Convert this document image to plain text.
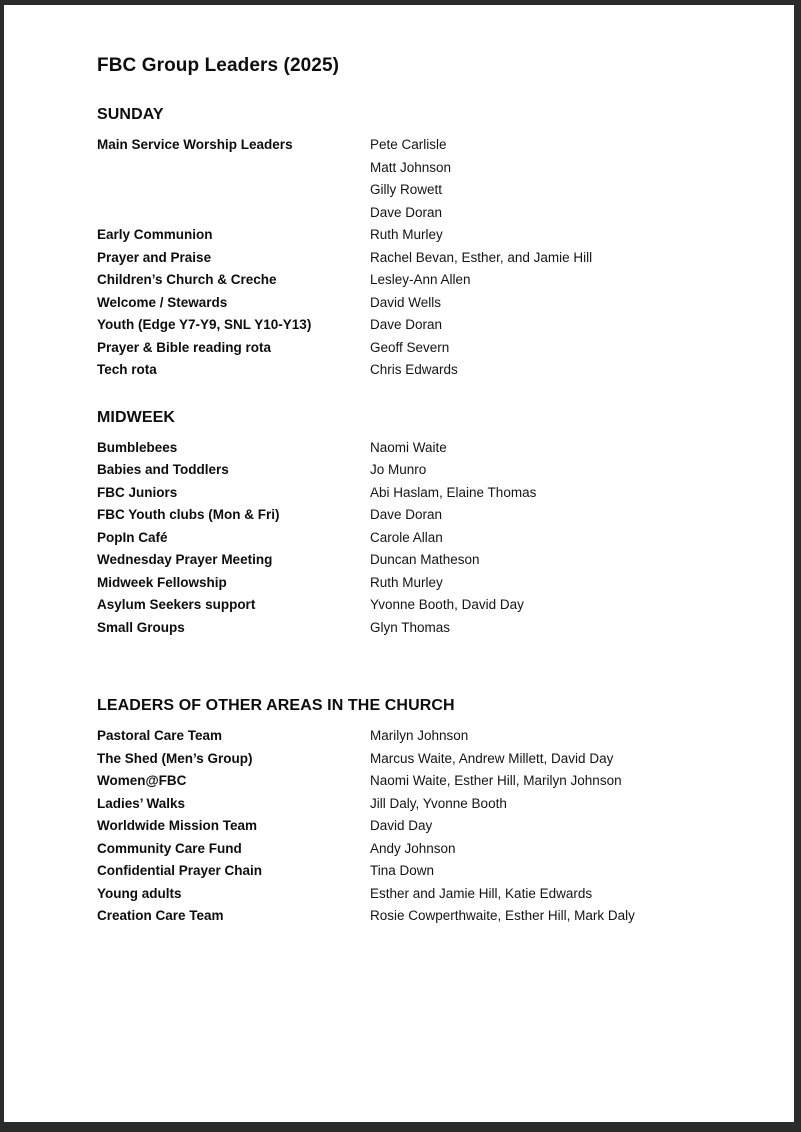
FBC Group Leaders (2025)
SUNDAY
Main Service Worship Leaders	Pete Carlisle
Matt Johnson
Gilly Rowett
Dave Doran
Early Communion	Ruth Murley
Prayer and Praise	Rachel Bevan, Esther, and Jamie Hill
Children’s Church & Creche	Lesley-Ann Allen
Welcome / Stewards	David Wells
Youth (Edge Y7-Y9, SNL Y10-Y13)	Dave Doran
Prayer & Bible reading rota	Geoff Severn
Tech rota	Chris Edwards
MIDWEEK
Bumblebees	Naomi Waite
Babies and Toddlers	Jo Munro
FBC Juniors	Abi Haslam, Elaine Thomas
FBC Youth clubs (Mon & Fri)	Dave Doran
PopIn Café	Carole Allan
Wednesday Prayer Meeting	Duncan Matheson
Midweek Fellowship	Ruth Murley
Asylum Seekers support	Yvonne Booth, David Day
Small Groups	Glyn Thomas
LEADERS OF OTHER AREAS IN THE CHURCH
Pastoral Care Team	Marilyn Johnson
The Shed (Men’s Group)	Marcus Waite, Andrew Millett, David Day
Women@FBC	Naomi Waite, Esther Hill, Marilyn Johnson
Ladies’ Walks	Jill Daly, Yvonne Booth
Worldwide Mission Team	David Day
Community Care Fund	Andy Johnson
Confidential Prayer Chain	Tina Down
Young adults	Esther and Jamie Hill, Katie Edwards
Creation Care Team	Rosie Cowperthwaite, Esther Hill, Mark Daly
